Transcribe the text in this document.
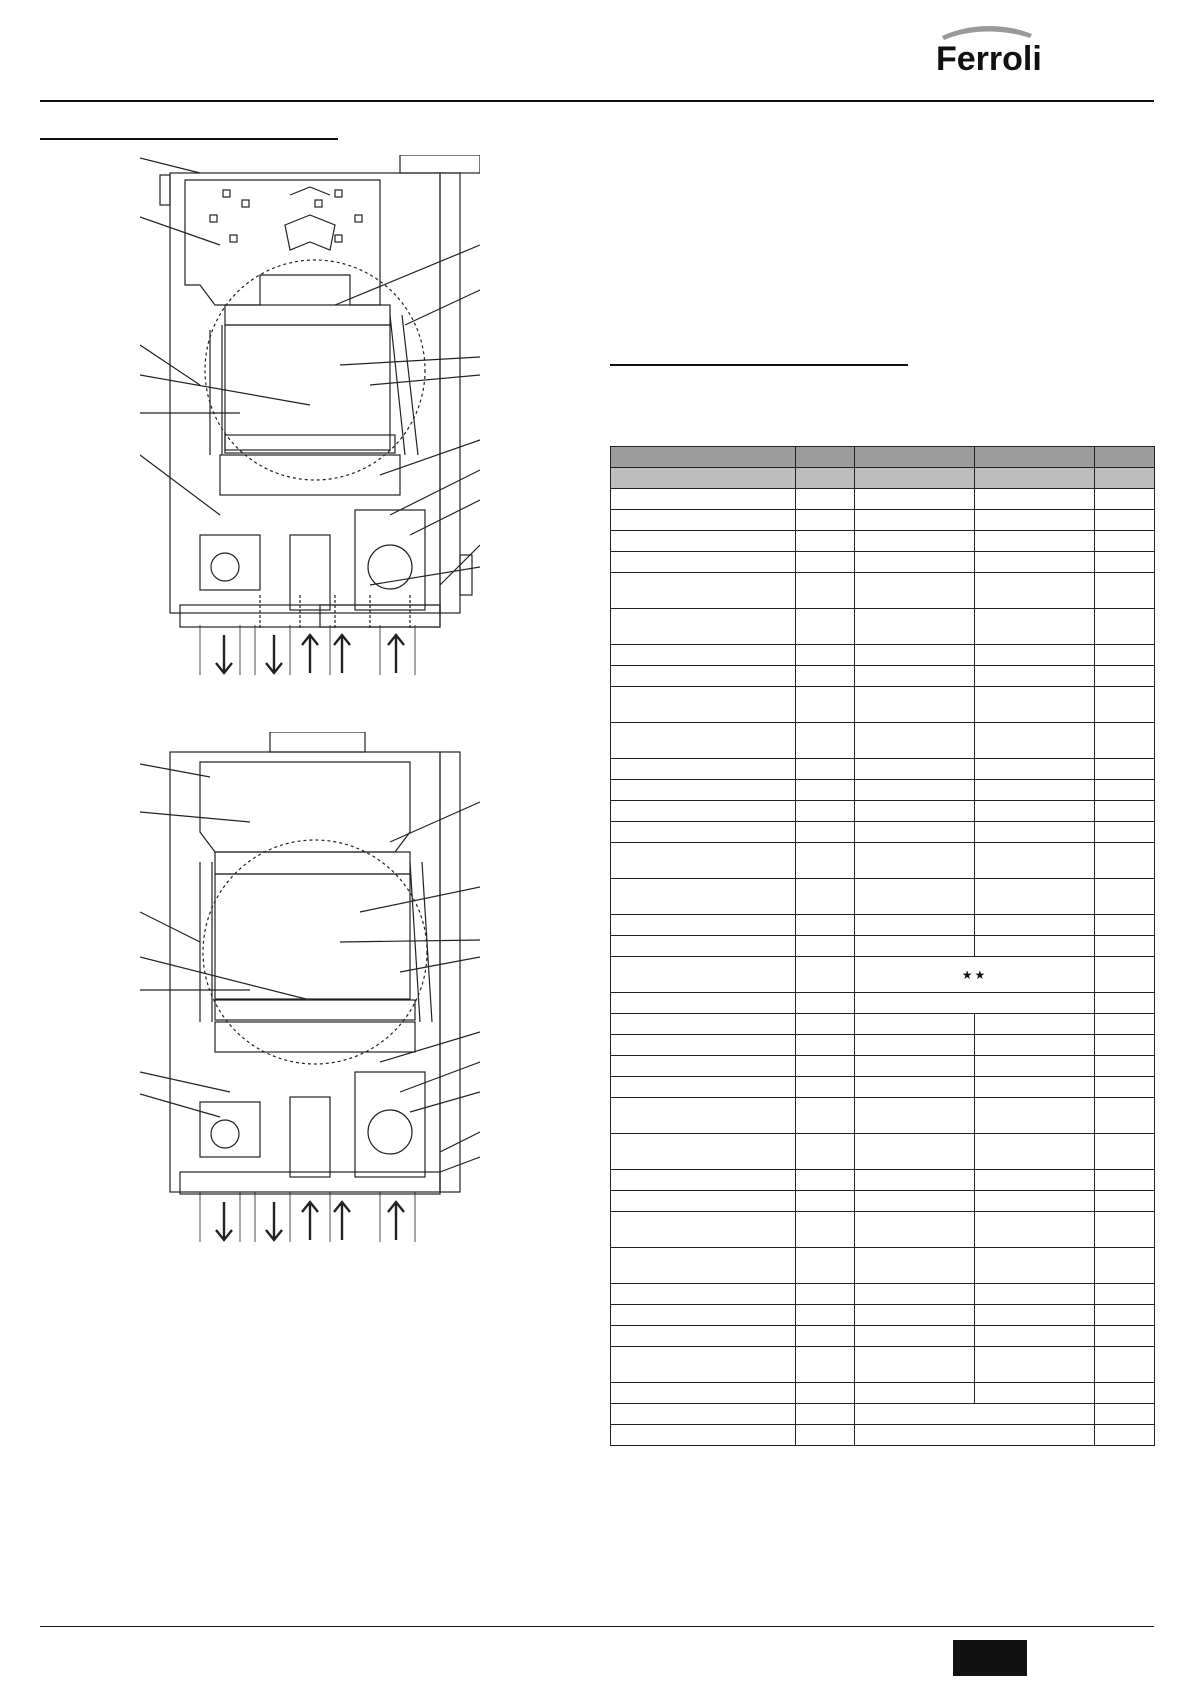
Ferroli

		★★		
